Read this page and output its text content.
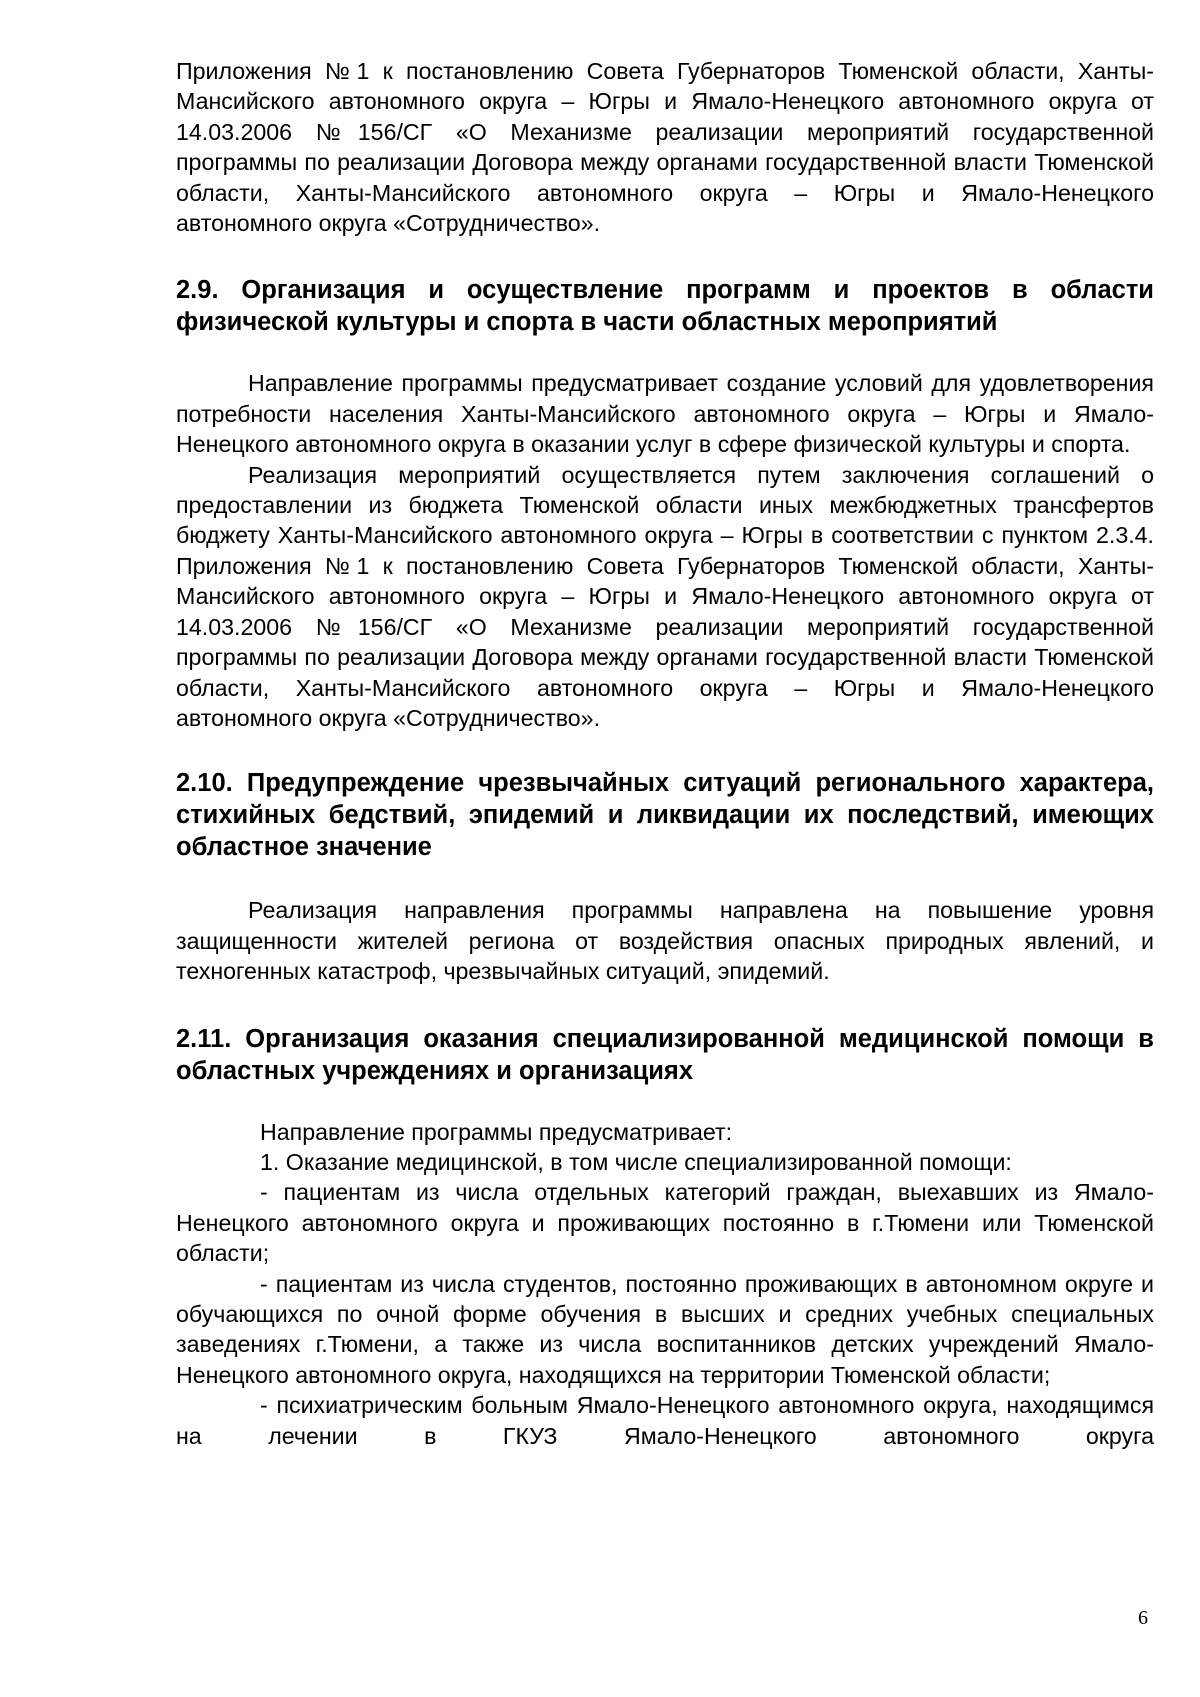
Приложения №1 к постановлению Совета Губернаторов Тюменской области, Ханты-Мансийского автономного округа – Югры и Ямало-Ненецкого автономного округа от 14.03.2006 №156/СГ «О Механизме реализации мероприятий государственной программы по реализации Договора между органами государственной власти Тюменской области, Ханты-Мансийского автономного округа – Югры и Ямало-Ненецкого автономного округа «Сотрудничество».

2.9. Организация и осуществление программ и проектов в области физической культуры и спорта в части областных мероприятий

Направление программы предусматривает создание условий для удовлетворения потребности населения Ханты-Мансийского автономного округа – Югры и Ямало-Ненецкого автономного округа в оказании услуг в сфере физической культуры и спорта.

Реализация мероприятий осуществляется путем заключения соглашений о предоставлении из бюджета Тюменской области иных межбюджетных трансфертов бюджету Ханты-Мансийского автономного округа – Югры в соответствии с пунктом 2.3.4. Приложения №1 к постановлению Совета Губернаторов Тюменской области, Ханты-Мансийского автономного округа – Югры и Ямало-Ненецкого автономного округа от 14.03.2006 №156/СГ «О Механизме реализации мероприятий государственной программы по реализации Договора между органами государственной власти Тюменской области, Ханты-Мансийского автономного округа – Югры и Ямало-Ненецкого автономного округа «Сотрудничество».

2.10. Предупреждение чрезвычайных ситуаций регионального характера, стихийных бедствий, эпидемий и ликвидации их последствий, имеющих областное значение

Реализация направления программы направлена на повышение уровня защищенности жителей региона от воздействия опасных природных явлений, и техногенных катастроф, чрезвычайных ситуаций, эпидемий.

2.11. Организация оказания специализированной медицинской помощи в областных учреждениях и организациях

Направление программы предусматривает:

1. Оказание медицинской, в том числе специализированной помощи:

- пациентам из числа отдельных категорий граждан, выехавших из Ямало-Ненецкого автономного округа и проживающих постоянно в г.Тюмени или Тюменской области;

- пациентам из числа студентов, постоянно проживающих в автономном округе и обучающихся по очной форме обучения в высших и средних учебных специальных заведениях г.Тюмени, а также из числа воспитанников детских учреждений Ямало-Ненецкого автономного округа, находящихся на территории Тюменской области;

- психиатрическим больным Ямало-Ненецкого автономного округа, находящимся на лечении в ГКУЗ Ямало-Ненецкого автономного округа

6
